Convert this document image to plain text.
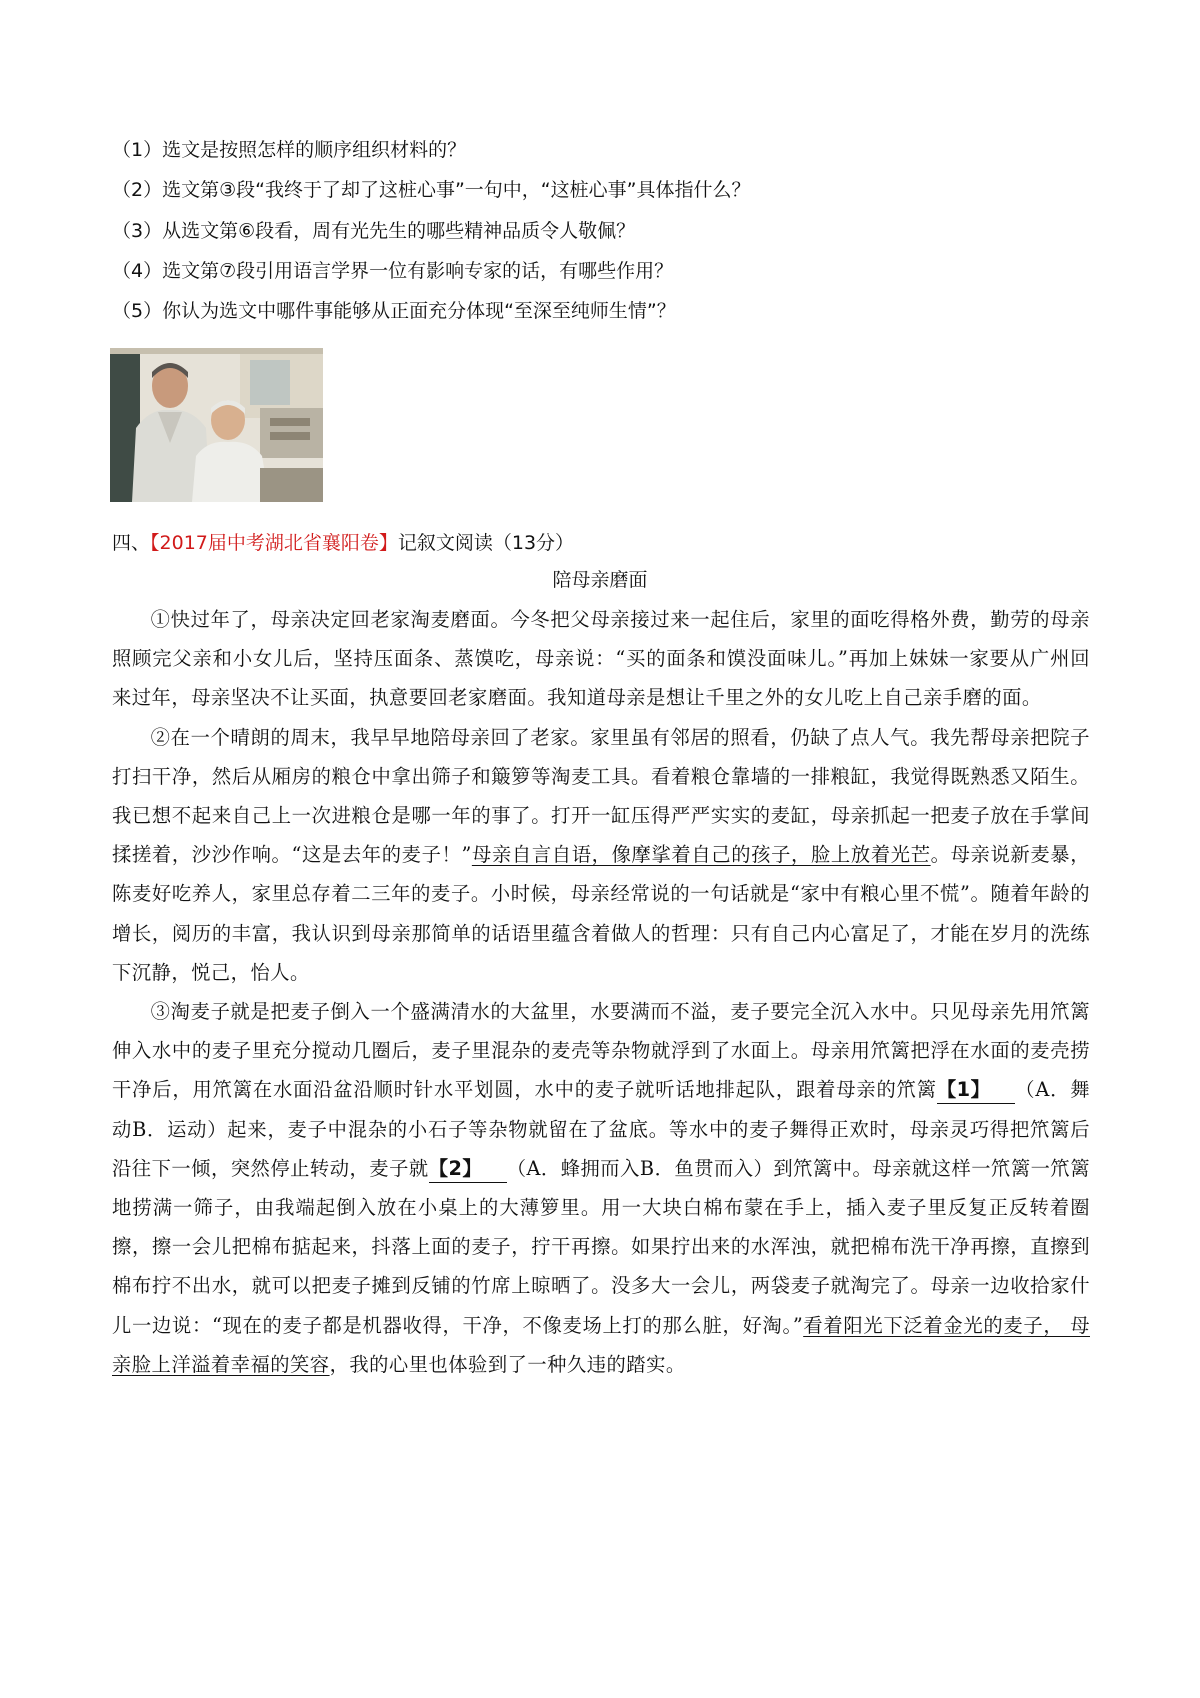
（1）选文是按照怎样的顺序组织材料的？
（2）选文第③段“我终于了却了这桩心事”一句中，“这桩心事”具体指什么？
（3）从选文第⑥段看，周有光先生的哪些精神品质令人敬佩？
（4）选文第⑦段引用语言学界一位有影响专家的话，有哪些作用？
（5）你认为选文中哪件事能够从正面充分体现“至深至纯师生情”？
四、【2017届中考湖北省襄阳卷】记叙文阅读（13分）
陪母亲磨面

①快过年了，母亲决定回老家淘麦磨面。今冬把父母亲接过来一起住后，家里的面吃得格外费，勤劳的母亲照顾完父亲和小女儿后，坚持压面条、蒸馍吃，母亲说：“买的面条和馍没面味儿。”再加上妹妹一家要从广州回来过年，母亲坚决不让买面，执意要回老家磨面。我知道母亲是想让千里之外的女儿吃上自己亲手磨的面。

②在一个晴朗的周末，我早早地陪母亲回了老家。家里虽有邻居的照看，仍缺了点人气。我先帮母亲把院子打扫干净，然后从厢房的粮仓中拿出筛子和簸箩等淘麦工具。看着粮仓靠墙的一排粮缸，我觉得既熟悉又陌生。我已想不起来自己上一次进粮仓是哪一年的事了。打开一缸压得严严实实的麦缸，母亲抓起一把麦子放在手掌间揉搓着，沙沙作响。“这是去年的麦子！”母亲自言自语，像摩挲着自己的孩子，脸上放着光芒。母亲说新麦暴，陈麦好吃养人，家里总存着二三年的麦子。小时候，母亲经常说的一句话就是“家中有粮心里不慌”。随着年龄的增长，阅历的丰富，我认识到母亲那简单的话语里蕴含着做人的哲理：只有自己内心富足了，才能在岁月的洗练下沉静，悦己，怡人。

③淘麦子就是把麦子倒入一个盛满清水的大盆里，水要满而不溢，麦子要完全沉入水中。只见母亲先用笊篱伸入水中的麦子里充分搅动几圈后，麦子里混杂的麦壳等杂物就浮到了水面上。母亲用笊篱把浮在水面的麦壳捞干净后，用笊篱在水面沿盆沿顺时针水平划圆，水中的麦子就听话地排起队，跟着母亲的笊篱【1】 （A．舞动B．运动）起来，麦子中混杂的小石子等杂物就留在了盆底。等水中的麦子舞得正欢时，母亲灵巧得把笊篱后沿往下一倾，突然停止转动，麦子就【2】 （A．蜂拥而入B．鱼贯而入）到笊篱中。母亲就这样一笊篱一笊篱地捞满一筛子，由我端起倒入放在小桌上的大薄箩里。用一大块白棉布蒙在手上，插入麦子里反复正反转着圈擦，擦一会儿把棉布掂起来，抖落上面的麦子，拧干再擦。如果拧出来的水浑浊，就把棉布洗干净再擦，直擦到棉布拧不出水，就可以把麦子摊到反铺的竹席上晾晒了。没多大一会儿，两袋麦子就淘完了。母亲一边收拾家什儿一边说：“现在的麦子都是机器收得，干净，不像麦场上打的那么脏，好淘。”看着阳光下泛着金光的麦子， 母亲脸上洋溢着幸福的笑容，我的心里也体验到了一种久违的踏实。
